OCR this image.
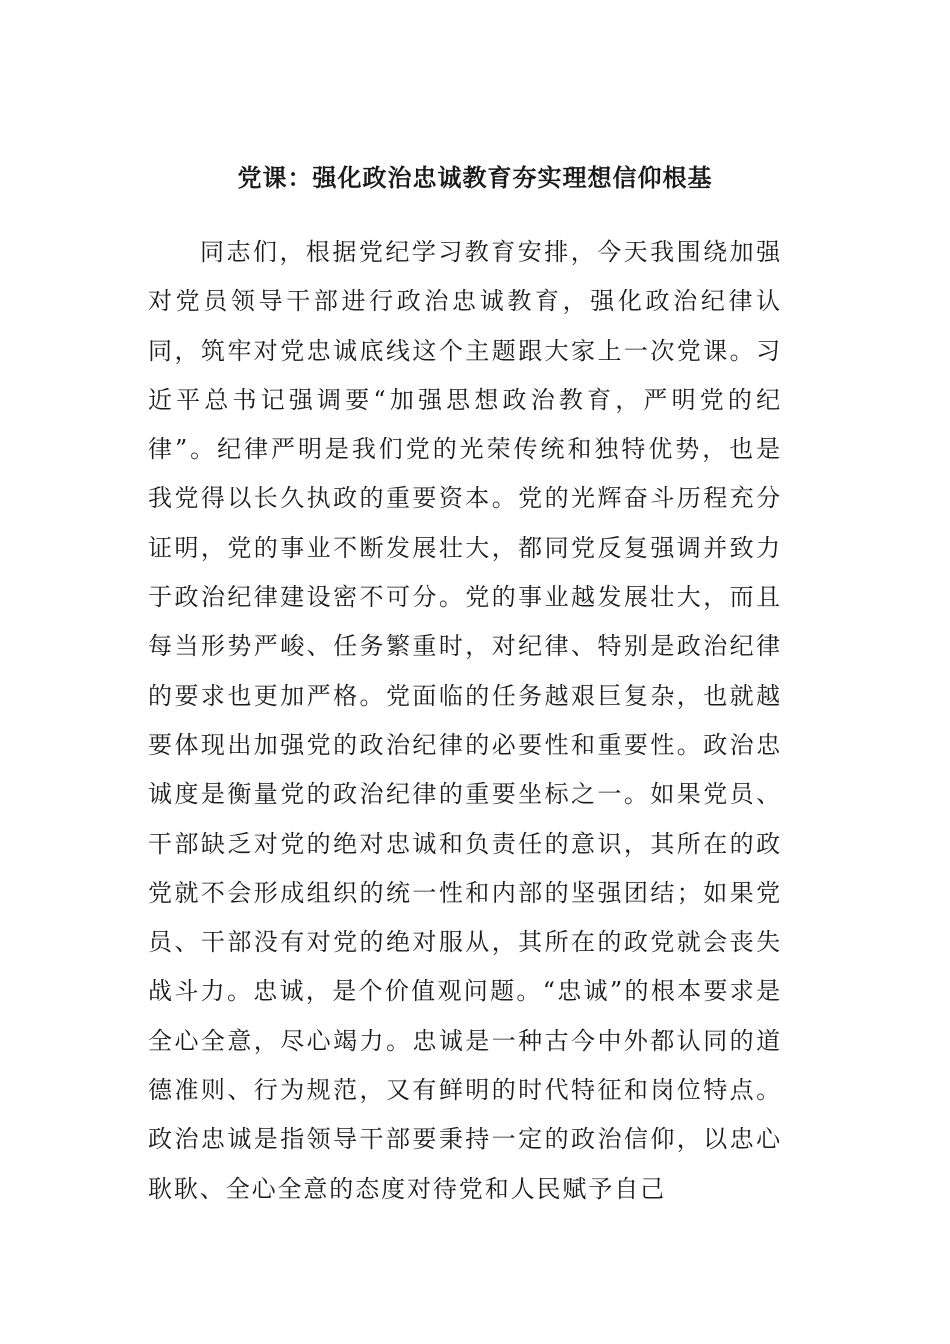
党课：强化政治忠诚教育夯实理想信仰根基

同志们，根据党纪学习教育安排，今天我围绕加强对党员领导干部进行政治忠诚教育，强化政治纪律认同，筑牢对党忠诚底线这个主题跟大家上一次党课。习近平总书记强调要“加强思想政治教育，严明党的纪律”。纪律严明是我们党的光荣传统和独特优势，也是我党得以长久执政的重要资本。党的光辉奋斗历程充分证明，党的事业不断发展壮大，都同党反复强调并致力于政治纪律建设密不可分。党的事业越发展壮大，而且每当形势严峻、任务繁重时，对纪律、特别是政治纪律的要求也更加严格。党面临的任务越艰巨复杂，也就越要体现出加强党的政治纪律的必要性和重要性。政治忠诚度是衡量党的政治纪律的重要坐标之一。如果党员、干部缺乏对党的绝对忠诚和负责任的意识，其所在的政党就不会形成组织的统一性和内部的坚强团结；如果党员、干部没有对党的绝对服从，其所在的政党就会丧失战斗力。忠诚，是个价值观问题。“忠诚”的根本要求是全心全意，尽心竭力。忠诚是一种古今中外都认同的道德准则、行为规范，又有鲜明的时代特征和岗位特点。政治忠诚是指领导干部要秉持一定的政治信仰，以忠心耿耿、全心全意的态度对待党和人民赋予自己
